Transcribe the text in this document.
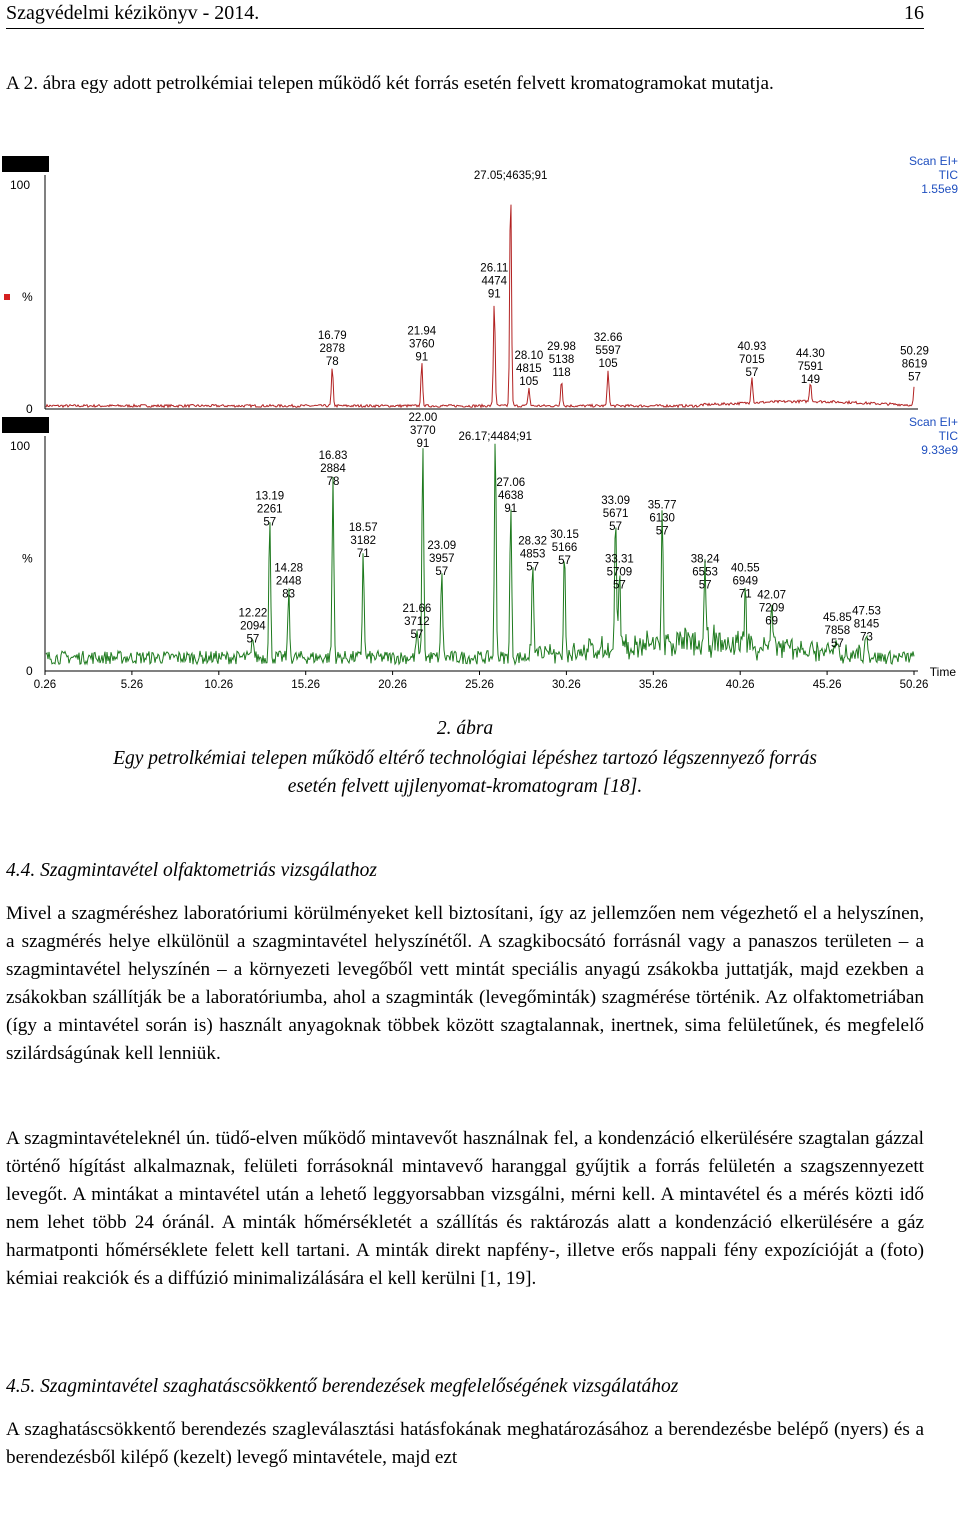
Szagvédelmi kézikönyv - 2014.	16

A 2. ábra egy adott petrolkémiai telepen működő két forrás esetén felvett kromatogramokat mutatja.

100
%
0
Scan EI+
TIC
1.55e9
16.79
2878
78
21.94
3760
91
26.11
4474
91
27.05;4635;91
28.10
4815
105
29.98
5138
118
32.66
5597
105
40.93
7015
57
44.30
7591
149
50.29
8619
57
100
%
0
Scan EI+
TIC
9.33e9
12.22
2094
57
13.19
2261
57
14.28
2448
83
16.83
2884
78
18.57
3182
71
21.66
3712
57
22.00
3770
91
23.09
3957
57
26.17;4484;91
27.06
4638
91
28.32
4853
57
30.15
5166
57
33.09
5671
57
33.31
5709
57
35.77
6130
57
38.24
6553
57
40.55
6949
71 42.07
7209
69	45.85
7858
57
47.53
8145
73
0.26	5.26	10.26	15.26	20.26	25.26	30.26	35.26	40.26	45.26	50.26
Time
2. ábra
Egy petrolkémiai telepen működő eltérő technológiai lépéshez tartozó légszennyező forrás
esetén felvett ujjlenyomat-kromatogram [18].
4.4. Szagmintavétel olfaktometriás vizsgálathoz

Mivel a szagméréshez laboratóriumi körülményeket kell biztosítani, így az jellemzően nem végezhető el a helyszínen, a szagmérés helye elkülönül a szagmintavétel helyszínétől. A szagkibocsátó forrásnál vagy a panaszos területen – a szagmintavétel helyszínén – a környezeti levegőből vett mintát speciális anyagú zsákokba juttatják, majd ezekben a zsákokban szállítják be a laboratóriumba, ahol a szagminták (levegőminták) szagmérése történik. Az olfaktometriában (így a mintavétel során is) használt anyagoknak többek között szagtalannak, inertnek, sima felületűnek, és megfelelő szilárdságúnak kell lenniük.

A szagmintavételeknél ún. tüdő-elven működő mintavevőt használnak fel, a kondenzáció elkerülésére szagtalan gázzal történő hígítást alkalmaznak, felületi forrásoknál mintavevő haranggal gyűjtik a forrás felületén a szagszennyezett levegőt. A mintákat a mintavétel után a lehető leggyorsabban vizsgálni, mérni kell. A mintavétel és a mérés közti idő nem lehet több 24 óránál. A minták hőmérsékletét a szállítás és raktározás alatt a kondenzáció elkerülésére a gáz harmatponti hőmérséklete felett kell tartani. A minták direkt napfény-, illetve erős nappali fény expozícióját a (foto) kémiai reakciók és a diffúzió minimalizálására el kell kerülni [1, 19].

4.5. Szagmintavétel szaghatáscsökkentő berendezések megfelelőségének vizsgálatához

A szaghatáscsökkentő berendezés szagleválasztási hatásfokának meghatározásához a berendezésbe belépő (nyers) és a berendezésből kilépő (kezelt) levegő mintavétele, majd ezt
